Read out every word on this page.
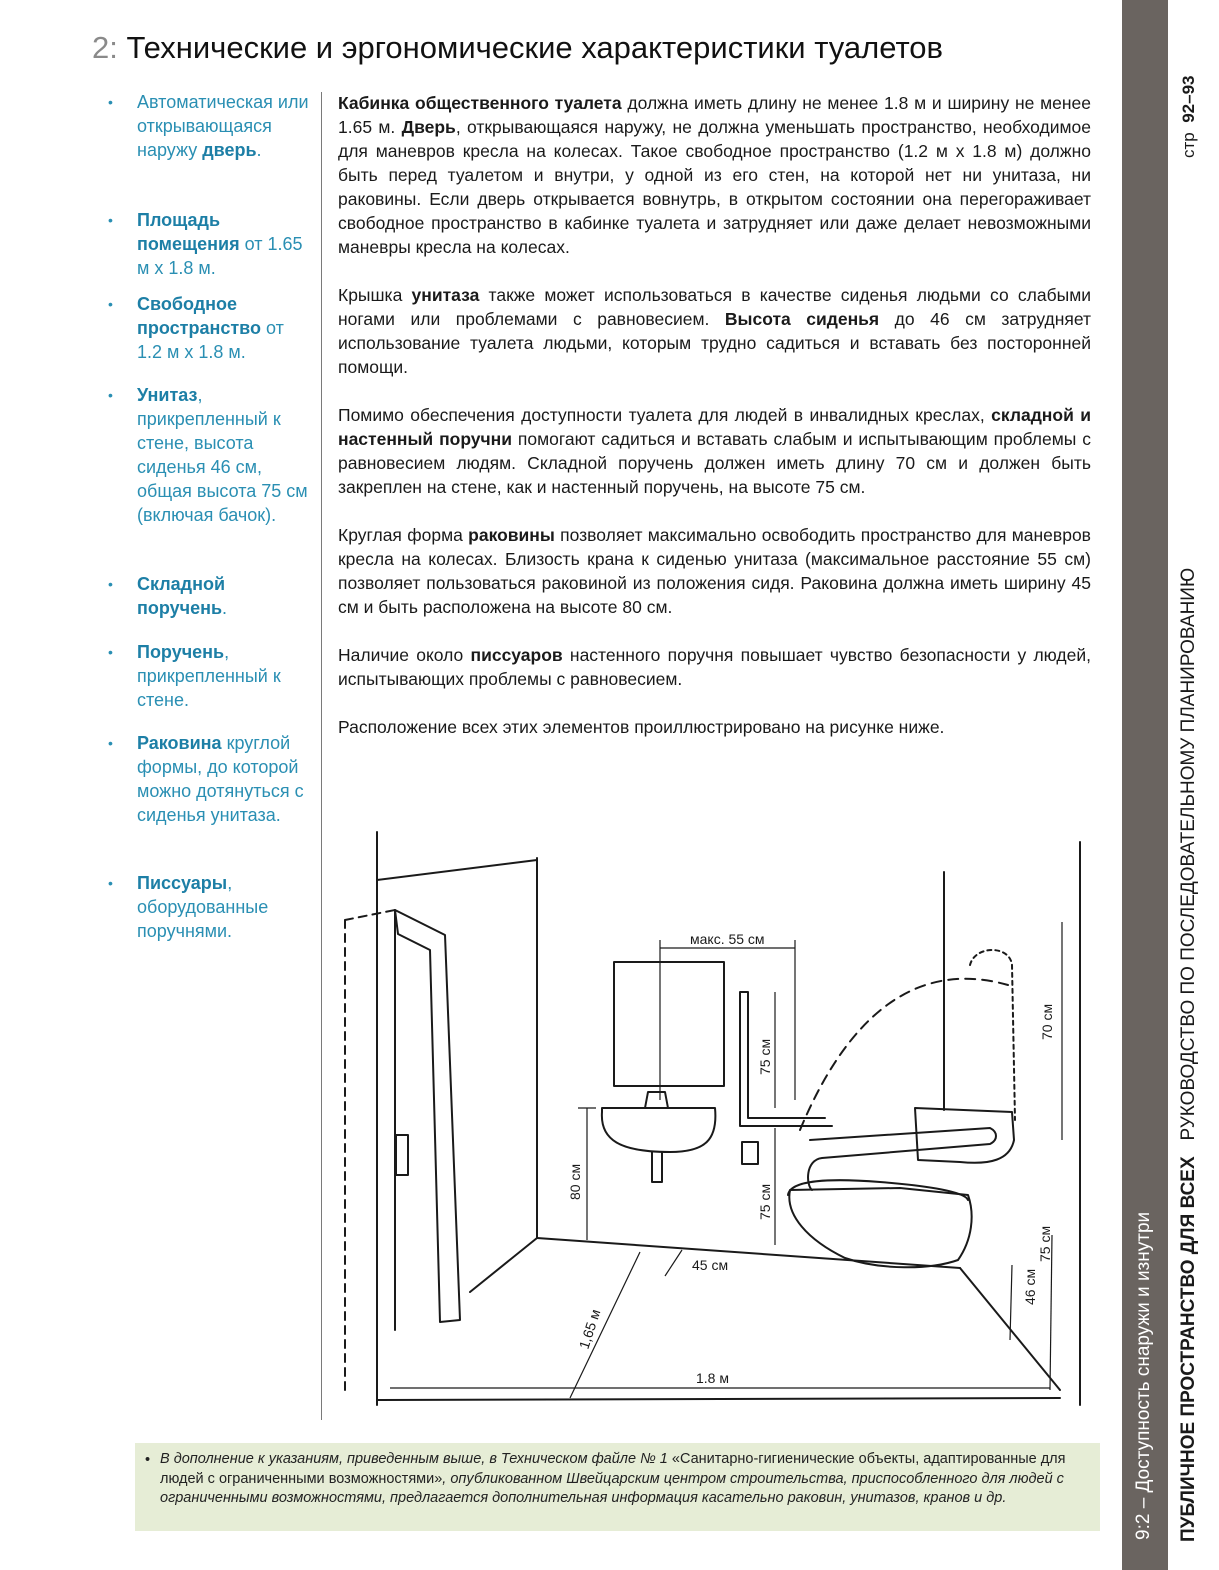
2: Технические и эргономические характеристики туалетов
• Автоматическая или открывающаяся наружу дверь.
• Площадь помещения от 1.65 м х 1.8 м.
• Свободное пространство от 1.2 м х 1.8 м.
• Унитаз, прикрепленный к стене, высота сиденья 46 см, общая высота 75 см (включая бачок).
• Складной поручень.
• Поручень, прикрепленный к стене.
• Раковина круглой формы, до которой можно дотянуться с сиденья унитаза.
• Писсуары, оборудованные поручнями.

Кабинка общественного туалета должна иметь длину не менее 1.8 м и ширину не менее 1.65 м. Дверь, открывающаяся наружу, не должна уменьшать пространство, необходимое для маневров кресла на колесах. Такое свободное пространство (1.2 м х 1.8 м) должно быть перед туалетом и внутри, у одной из его стен, на которой нет ни унитаза, ни раковины. Если дверь открывается вовнутрь, в открытом состоянии она перегораживает свободное пространство в кабинке туалета и затрудняет или даже делает невозможными маневры кресла на колесах.

Крышка унитаза также может использоваться в качестве сиденья людьми со слабыми ногами или проблемами с равновесием. Высота сиденья до 46 см затрудняет использование туалета людьми, которым трудно садиться и вставать без посторонней помощи.

Помимо обеспечения доступности туалета для людей в инвалидных креслах, складной и настенный поручни помогают садиться и вставать слабым и испытывающим проблемы с равновесием людям. Складной поручень должен иметь длину 70 см и должен быть закреплен на стене, как и настенный поручень, на высоте 75 см.

Круглая форма раковины позволяет максимально освободить пространство для маневров кресла на колесах. Близость крана к сиденью унитаза (максимальное расстояние 55 см) позволяет пользоваться раковиной из положения сидя. Раковина должна иметь ширину 45 см и быть расположена на высоте 80 см.

Наличие около писсуаров настенного поручня повышает чувство безопасности у людей, испытывающих проблемы с равновесием.

Расположение всех этих элементов проиллюстрировано на рисунке ниже.

макс. 55 см
75 см
70 см
80 см
75 см
45 см
1,65 м
46 см
75 см
1.8 м
• В дополнение к указаниям, приведенным выше, в Техническом файле № 1 «Санитарно-гигиенические объекты, адаптированные для людей с ограниченными возможностями», опубликованном Швейцарским центром строительства, приспособленного для людей с ограниченными возможностями, предлагается дополнительная информация касательно раковин, унитазов, кранов и др.	9:2 – Доступность снаружи и изнутри ПУБЛИЧНОЕ ПРОСТРАНСТВО ДЛЯ ВСЕХ   РУКОВОДСТВО ПО ПОСЛЕДОВАТЕЛЬНОМУ ПЛАНИРОВАНИЮ
стр  92–93
